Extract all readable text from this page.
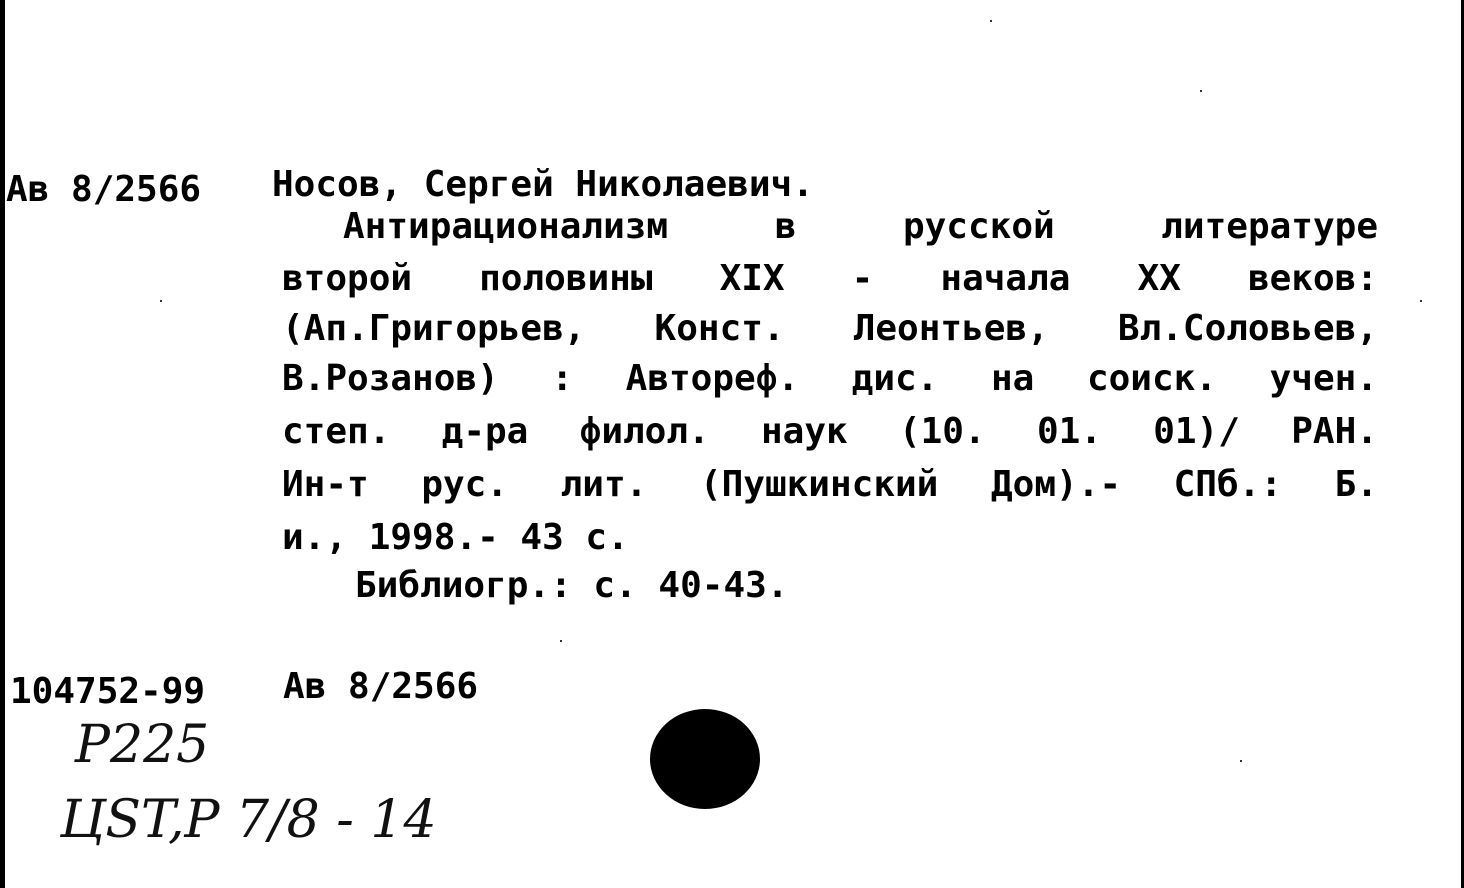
Ав 8/2566 Носов, Сергей Николаевич.
Антирационализм	в	русской	литературе
второй половины XIX - начала XX веков:
(Ап.Григорьев, Конст. Леонтьев, Вл.Соловьев,
В.Розанов) : Автореф. дис. на соиск. учен.
степ. д-ра филол. наук (10. 01. 01)/ РАН.
Ин-т рус. лит. (Пушкинский Дом).- СПб.: Б.
и., 1998.- 43 с.
Библиогр.: с. 40-43.
104752-99 Ав 8/2566
P225
ЦST,P 7/8 - 14
